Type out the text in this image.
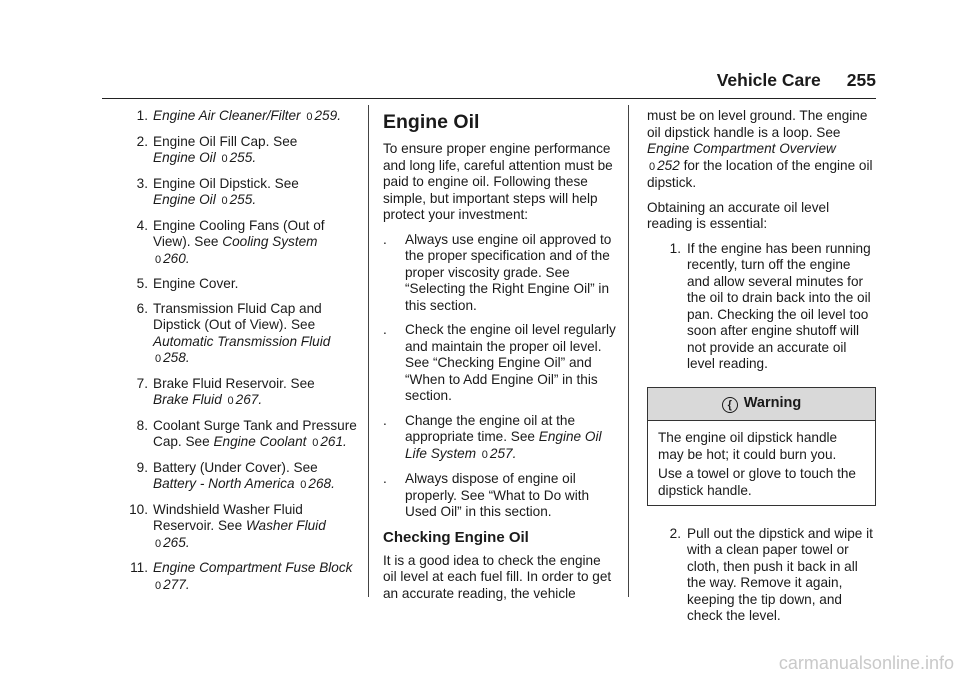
Vehicle Care 255
1. Engine Air Cleaner/Filter 0 259.
2. Engine Oil Fill Cap. See
Engine Oil 0 255.
3. Engine Oil Dipstick. See
Engine Oil 0 255.
4. Engine Cooling Fans (Out of View). See Cooling System
0 260.
5. Engine Cover.
6. Transmission Fluid Cap and Dipstick (Out of View). See
Automatic Transmission Fluid
0 258.
7. Brake Fluid Reservoir. See
Brake Fluid 0 267.
8. Coolant Surge Tank and Pressure Cap. See Engine Coolant 0 261.
9. Battery (Under Cover). See
Battery - North America 0 268.
10. Windshield Washer Fluid Reservoir. See Washer Fluid
0 265.
11. Engine Compartment Fuse Block 0 277.
Engine Oil

To ensure proper engine performance and long life, careful attention must be paid to engine oil. Following these simple, but important steps will help protect your investment:

.	Always use engine oil approved to the proper specification and of the proper viscosity grade. See “Selecting the Right Engine Oil” in this section.
.	Check the engine oil level regularly and maintain the proper oil level. See “Checking Engine Oil” and “When to Add Engine Oil” in this section.
.	Change the engine oil at the appropriate time. See Engine Oil Life System 0 257.
.	Always dispose of engine oil properly. See “What to Do with Used Oil” in this section.
Checking Engine Oil

It is a good idea to check the engine oil level at each fuel fill. In order to get an accurate reading, the vehicle

must be on level ground. The engine oil dipstick handle is a loop. See Engine Compartment Overview
0 252 for the location of the engine oil dipstick.

Obtaining an accurate oil level reading is essential:

1. If the engine has been running recently, turn off the engine and allow several minutes for the oil to drain back into the oil pan. Checking the oil level too soon after engine shutoff will not provide an accurate oil level reading.
{ Warning

The engine oil dipstick handle may be hot; it could burn you.

Use a towel or glove to touch the dipstick handle.

2. Pull out the dipstick and wipe it with a clean paper towel or cloth, then push it back in all the way. Remove it again, keeping the tip down, and check the level.
carmanualsonline.info
